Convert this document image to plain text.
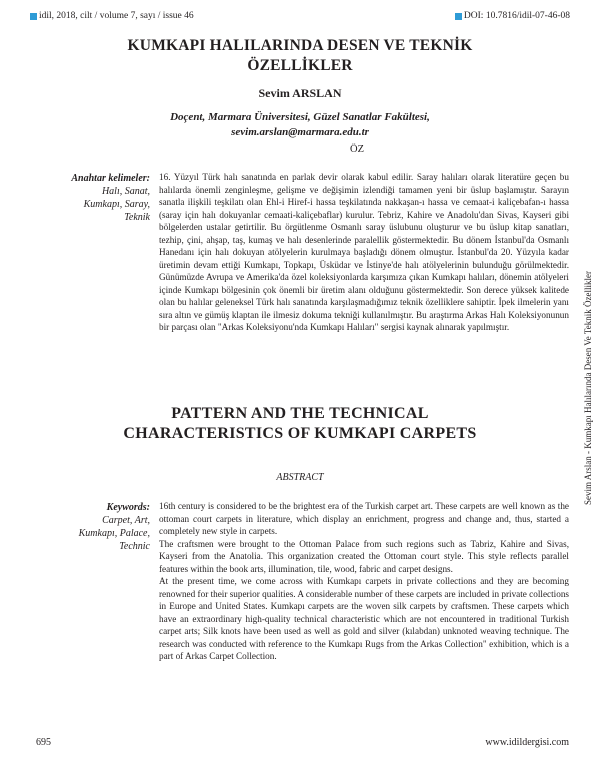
idil, 2018, cilt / volume 7, sayı / issue 46	DOI: 10.7816/idil-07-46-08
KUMKAPI HALILARINDA DESEN VE TEKNİK ÖZELLİKLER
Sevim ARSLAN
Doçent, Marmara Üniversitesi, Güzel Sanatlar Fakültesi,
sevim.arslan@marmara.edu.tr
ÖZ
Anahtar kelimeler:
Halı, Sanat,
Kumkapı, Saray,
Teknik

16. Yüzyıl Türk halı sanatında en parlak devir olarak kabul edilir. Saray halıları olarak literatüre geçen bu halılarda önemli zenginleşme, gelişme ve değişimin izlendiği tamamen yeni bir üslup başlamıştır. Sarayın sanatla ilişkili teşkilatı olan Ehl-i Hiref-i hassa teşkilatında nakkaşan-ı hassa ve cemaat-i kaliçebafan-ı hassa (saray için halı dokuyanlar cemaati-kaliçebaflar) kurulur. Tebriz, Kahire ve Anadolu'dan Sivas, Kayseri gibi bölgelerden ustalar getirtilir. Bu örgütlenme Osmanlı saray üslubunu oluşturur ve bu üslup kitap sanatları, tezhip, çini, ahşap, taş, kumaş ve halı desenlerinde paralellik göstermektedir. Bu dönem İstanbul'da Osmanlı Hanedanı için halı dokuyan atölyelerin kurulmaya başladığı dönem olmuştur. İstanbul'da 20. Yüzyıla kadar üretimin devam ettiği Kumkapı, Topkapı, Üsküdar ve İstinye'de halı atölyelerinin bulunduğu görülmektedir. Günümüzde Avrupa ve Amerika'da özel koleksiyonlarda karşımıza çıkan Kumkapı halıları, dönemin atölyeleri içinde Kumkapı bölgesinin çok önemli bir üretim alanı olduğunu göstermektedir. Son derece yüksek kalitede olan bu halılar geleneksel Türk halı sanatında karşılaşmadığımız teknik özelliklere sahiptir. İpek ilmelerin yanı sıra altın ve gümüş klaptan ile ilmesiz dokuma tekniği kullanılmıştır. Bu araştırma Arkas Halı Koleksiyonunun bir parçası olan "Arkas Koleksiyonu'nda Kumkapı Halıları" sergisi kaynak alınarak yapılmıştır.

PATTERN AND THE TECHNICAL CHARACTERISTICS OF KUMKAPI CARPETS
ABSTRACT
Keywords:
Carpet, Art,
Kumkapı, Palace,
Technic

16th century is considered to be the brightest era of the Turkish carpet art. These carpets are well known as the ottoman court carpets in literature, which display an enrichment, progress and change and, thus, started a completely new style in carpets.

The craftsmen were brought to the Ottoman Palace from such regions such as Tabriz, Kahire and Sivas, Kayseri from the Anatolia. This organization created the Ottoman court style. This style reflects parallel features within the book arts, illumination, tile, wood, fabric and carpet designs.

At the present time, we come across with Kumkapı carpets in private collections and they are becoming renowned for their superior qualities. A considerable number of these carpets are included in private collections in Europe and United States. Kumkapı carpets are the woven silk carpets by craftsmen. These carpets which have an extraordinary high-quality technical characteristic which are not encountered in traditional Turkish carpet arts; Silk knots have been used as well as gold and silver (kılabdan) unknoted weaving technique. The research was conducted with reference to the Kumkapı Rugs from the Arkas Collection" exhibition, which is a part of Arkas Carpet Collection.

Sevim Arslan - Kumkapı Halılarında Desen Ve Teknik Özellikler
695	www.idildergisi.com
